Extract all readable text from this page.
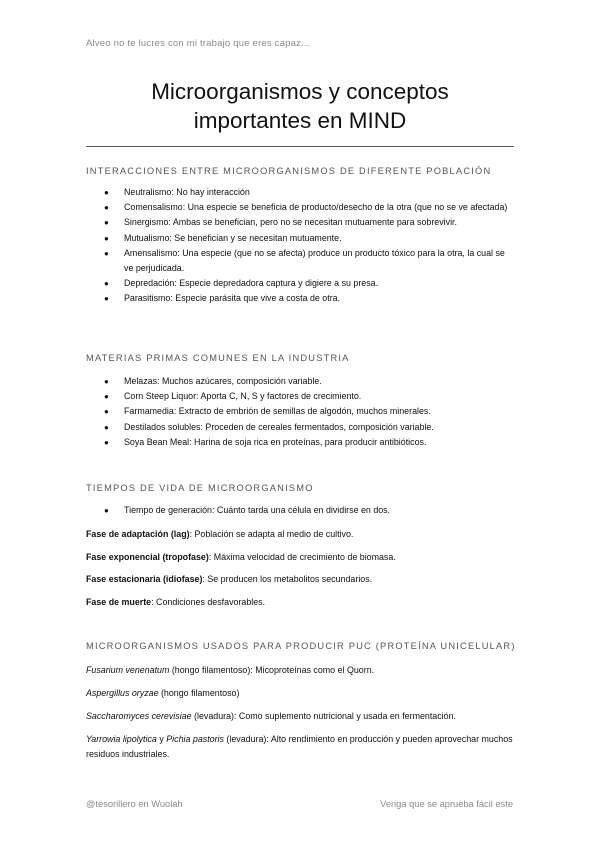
Alveo no te lucres con mi trabajo que eres capaz...
Microorganismos y conceptos
importantes en MIND
INTERACCIONES ENTRE MICROORGANISMOS DE DIFERENTE POBLACIÓN
● Neutralismo: No hay interacción
● Comensalismo: Una especie se beneficia de producto/desecho de la otra (que no se ve afectada)
● Sinergismo: Ambas se benefician, pero no se necesitan mutuamente para sobrevivir.
● Mutualismo: Se benefician y se necesitan mutuamente.
● Amensalismo: Una especie (que no se afecta) produce un producto tóxico para la otra, la cual se ve perjudicada.
● Depredación: Especie depredadora captura y digiere a su presa.
● Parasitismo: Especie parásita que vive a costa de otra.
MATERIAS PRIMAS COMUNES EN LA INDUSTRIA
● Melazas: Muchos azúcares, composición variable.
● Corn Steep Liquor: Aporta C, N, S y factores de crecimiento.
● Farmamedia: Extracto de embrión de semillas de algodón, muchos minerales.
● Destilados solubles: Proceden de cereales fermentados, composición variable.
● Soya Bean Meal: Harina de soja rica en proteínas, para producir antibióticos.
TIEMPOS DE VIDA DE MICROORGANISMO
● Tiempo de generación: Cuánto tarda una célula en dividirse en dos.
Fase de adaptación (lag): Población se adapta al medio de cultivo.
Fase exponencial (tropofase): Máxima velocidad de crecimiento de biomasa.
Fase estacionaria (idiofase): Se producen los metabolitos secundarios.
Fase de muerte: Condiciones desfavorables.
MICROORGANISMOS USADOS PARA PRODUCIR PUC (PROTEÍNA UNICELULAR)
Fusarium venenatum (hongo filamentoso): Micoproteínas como el Quorn.
Aspergillus oryzae (hongo filamentoso)
Saccharomyces cerevisiae (levadura): Como suplemento nutricional y usada en fermentación.
Yarrowia lipolytica y Pichia pastoris (levadura): Alto rendimiento en producción y pueden aprovechar muchos residuos industriales.
@tesorillero en Wuolah	Venga que se aprueba fácil este
